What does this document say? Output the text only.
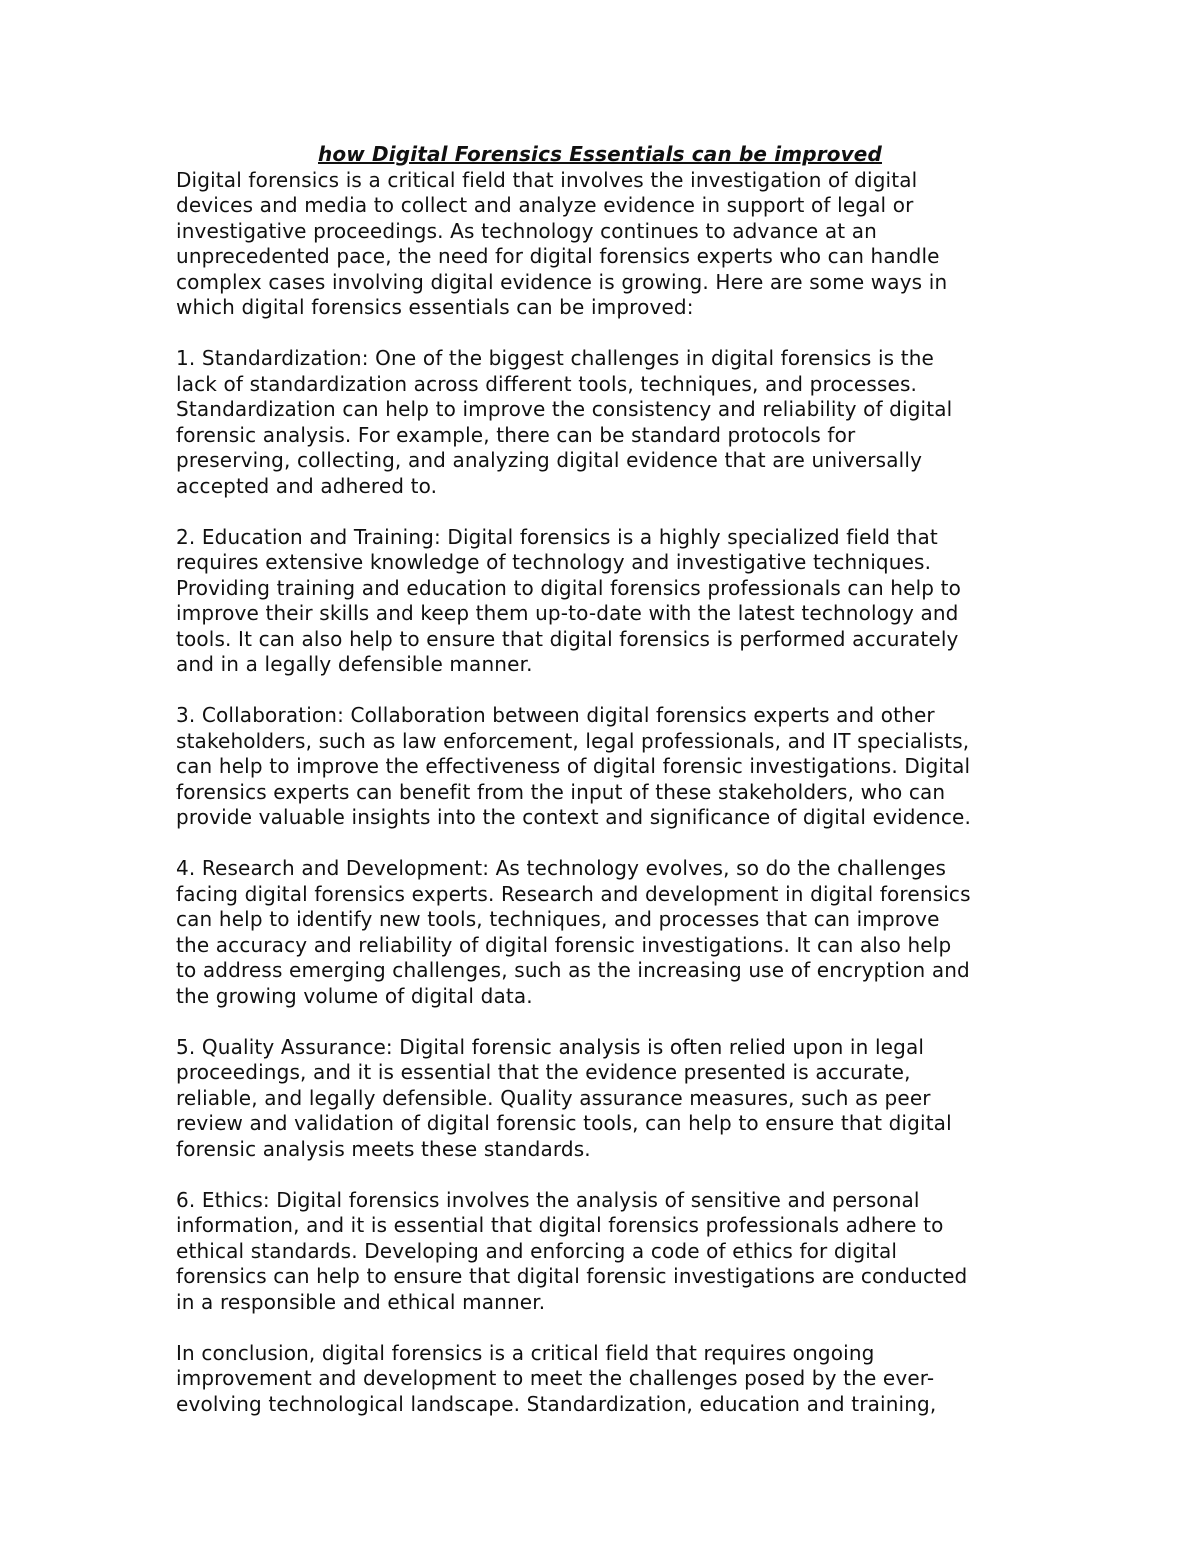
how Digital Forensics Essentials can be improved
Digital forensics is a critical field that involves the investigation of digital
devices and media to collect and analyze evidence in support of legal or
investigative proceedings. As technology continues to advance at an
unprecedented pace, the need for digital forensics experts who can handle
complex cases involving digital evidence is growing. Here are some ways in
which digital forensics essentials can be improved:
1. Standardization: One of the biggest challenges in digital forensics is the
lack of standardization across different tools, techniques, and processes.
Standardization can help to improve the consistency and reliability of digital
forensic analysis. For example, there can be standard protocols for
preserving, collecting, and analyzing digital evidence that are universally
accepted and adhered to.
2. Education and Training: Digital forensics is a highly specialized field that
requires extensive knowledge of technology and investigative techniques.
Providing training and education to digital forensics professionals can help to
improve their skills and keep them up-to-date with the latest technology and
tools. It can also help to ensure that digital forensics is performed accurately
and in a legally defensible manner.
3. Collaboration: Collaboration between digital forensics experts and other
stakeholders, such as law enforcement, legal professionals, and IT specialists,
can help to improve the effectiveness of digital forensic investigations. Digital
forensics experts can benefit from the input of these stakeholders, who can
provide valuable insights into the context and significance of digital evidence.
4. Research and Development: As technology evolves, so do the challenges
facing digital forensics experts. Research and development in digital forensics
can help to identify new tools, techniques, and processes that can improve
the accuracy and reliability of digital forensic investigations. It can also help
to address emerging challenges, such as the increasing use of encryption and
the growing volume of digital data.
5. Quality Assurance: Digital forensic analysis is often relied upon in legal
proceedings, and it is essential that the evidence presented is accurate,
reliable, and legally defensible. Quality assurance measures, such as peer
review and validation of digital forensic tools, can help to ensure that digital
forensic analysis meets these standards.
6. Ethics: Digital forensics involves the analysis of sensitive and personal
information, and it is essential that digital forensics professionals adhere to
ethical standards. Developing and enforcing a code of ethics for digital
forensics can help to ensure that digital forensic investigations are conducted
in a responsible and ethical manner.
In conclusion, digital forensics is a critical field that requires ongoing
improvement and development to meet the challenges posed by the ever-
evolving technological landscape. Standardization, education and training,
